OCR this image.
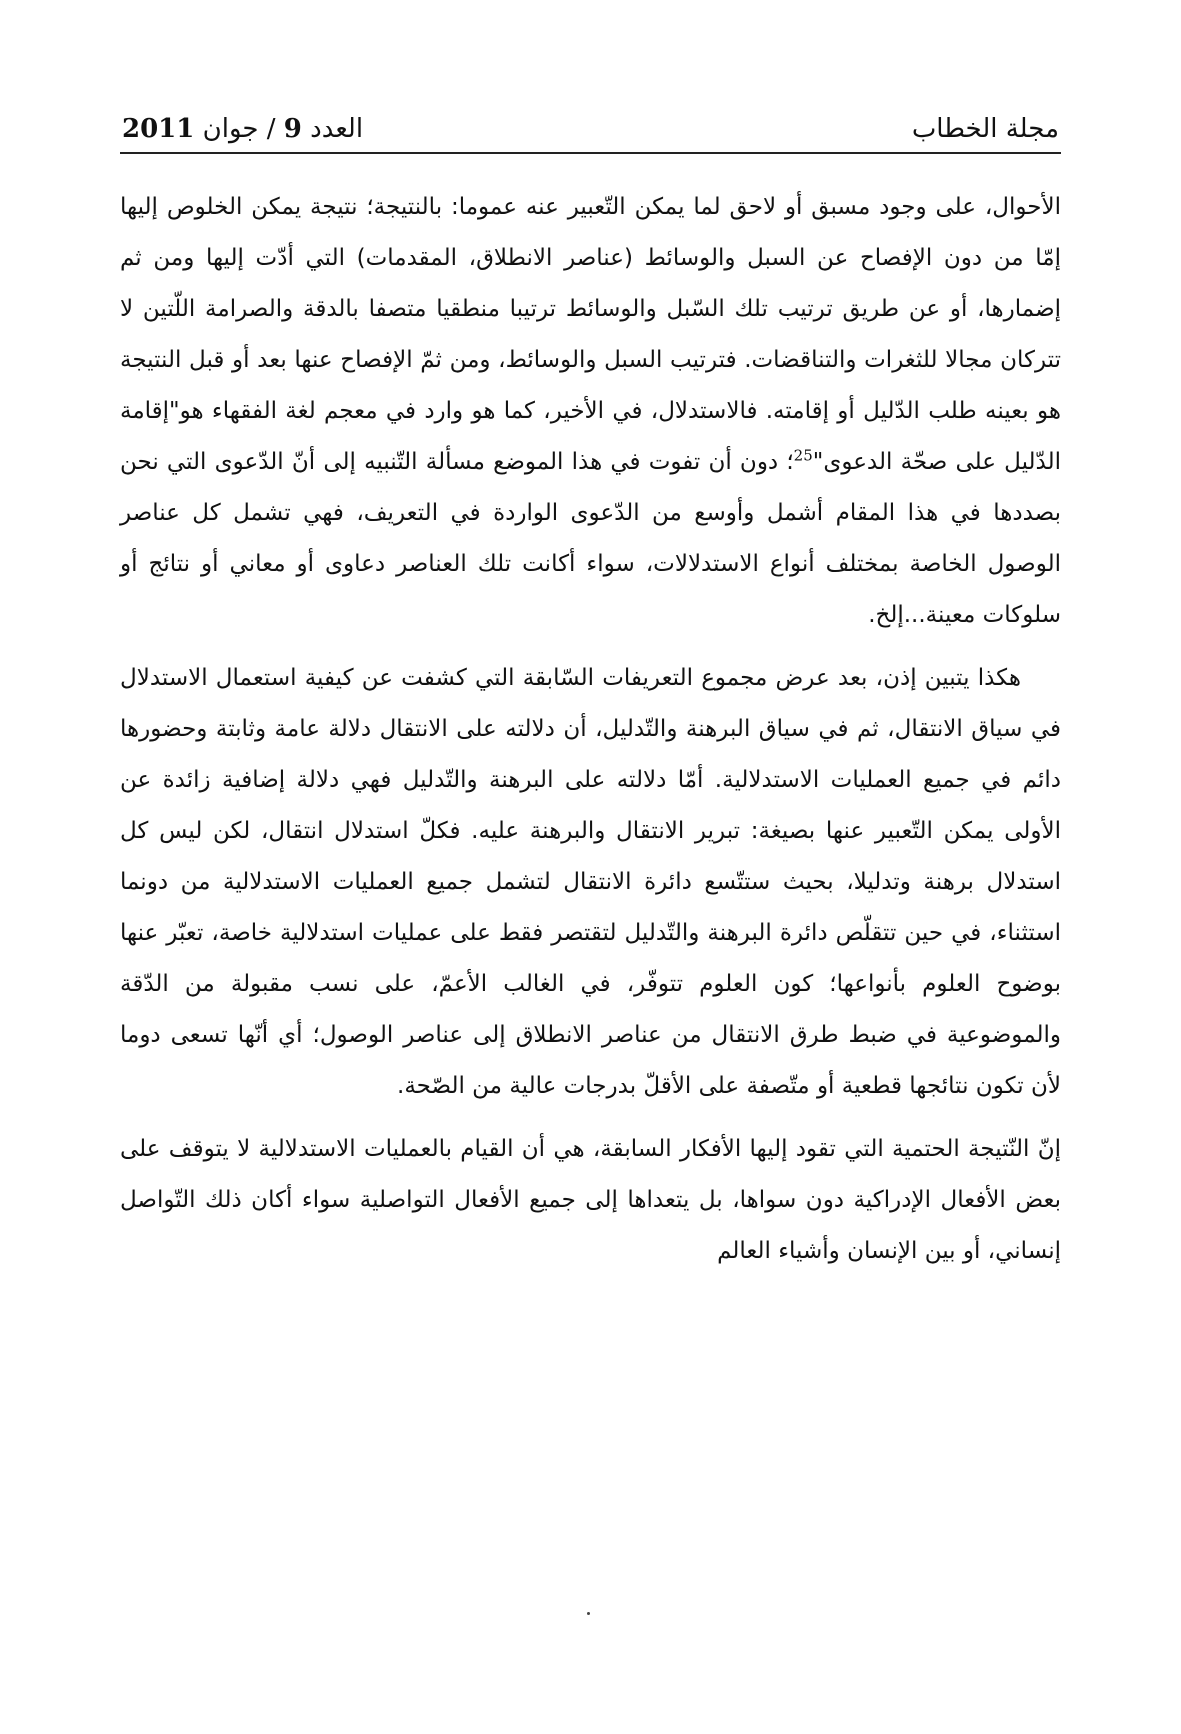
مجلة الخطاب
العدد 9 / جوان 2011

الأحوال، على وجود مسبق أو لاحق لما يمكن التّعبير عنه عموما: بالنتيجة؛ نتيجة يمكن الخلوص إليها إمّا من دون الإفصاح عن السبل والوسائط (عناصر الانطلاق، المقدمات) التي أدّت إليها ومن ثم إضمارها، أو عن طريق ترتيب تلك السّبل والوسائط ترتيبا منطقيا متصفا بالدقة والصرامة اللّتين لا تتركان مجالا للثغرات والتناقضات. فترتيب السبل والوسائط، ومن ثمّ الإفصاح عنها بعد أو قبل النتيجة هو بعينه طلب الدّليل أو إقامته. فالاستدلال، في الأخير، كما هو وارد في معجم لغة الفقهاء هو"إقامة الدّليل على صحّة الدعوى"$^{25}$؛ دون أن تفوت في هذا الموضع مسألة التّنبيه إلى أنّ الدّعوى التي نحن بصددها في هذا المقام أشمل وأوسع من الدّعوى الواردة في التعريف، فهي تشمل كل عناصر الوصول الخاصة بمختلف أنواع الاستدلالات، سواء أكانت تلك العناصر دعاوى أو معاني أو نتائج أو سلوكات معينة...إلخ.

هكذا يتبين إذن، بعد عرض مجموع التعريفات السّابقة التي كشفت عن كيفية استعمال الاستدلال في سياق الانتقال، ثم في سياق البرهنة والتّدليل، أن دلالته على الانتقال دلالة عامة وثابتة وحضورها دائم في جميع العمليات الاستدلالية. أمّا دلالته على البرهنة والتّدليل فهي دلالة إضافية زائدة عن الأولى يمكن التّعبير عنها بصيغة: تبرير الانتقال والبرهنة عليه. فكلّ استدلال انتقال، لكن ليس كل استدلال برهنة وتدليلا، بحيث ستتّسع دائرة الانتقال لتشمل جميع العمليات الاستدلالية من دونما استثناء، في حين تتقلّص دائرة البرهنة والتّدليل لتقتصر فقط على عمليات استدلالية خاصة، تعبّر عنها بوضوح العلوم بأنواعها؛ كون العلوم تتوفّر، في الغالب الأعمّ، على نسب مقبولة من الدّقة والموضوعية في ضبط طرق الانتقال من عناصر الانطلاق إلى عناصر الوصول؛ أي أنّها تسعى دوما لأن تكون نتائجها قطعية أو متّصفة على الأقلّ بدرجات عالية من الصّحة.

إنّ النّتيجة الحتمية التي تقود إليها الأفكار السابقة، هي أن القيام بالعمليات الاستدلالية لا يتوقف على بعض الأفعال الإدراكية دون سواها، بل يتعداها إلى جميع الأفعال التواصلية سواء أكان ذلك التّواصل إنساني، أو بين الإنسان وأشياء العالم
